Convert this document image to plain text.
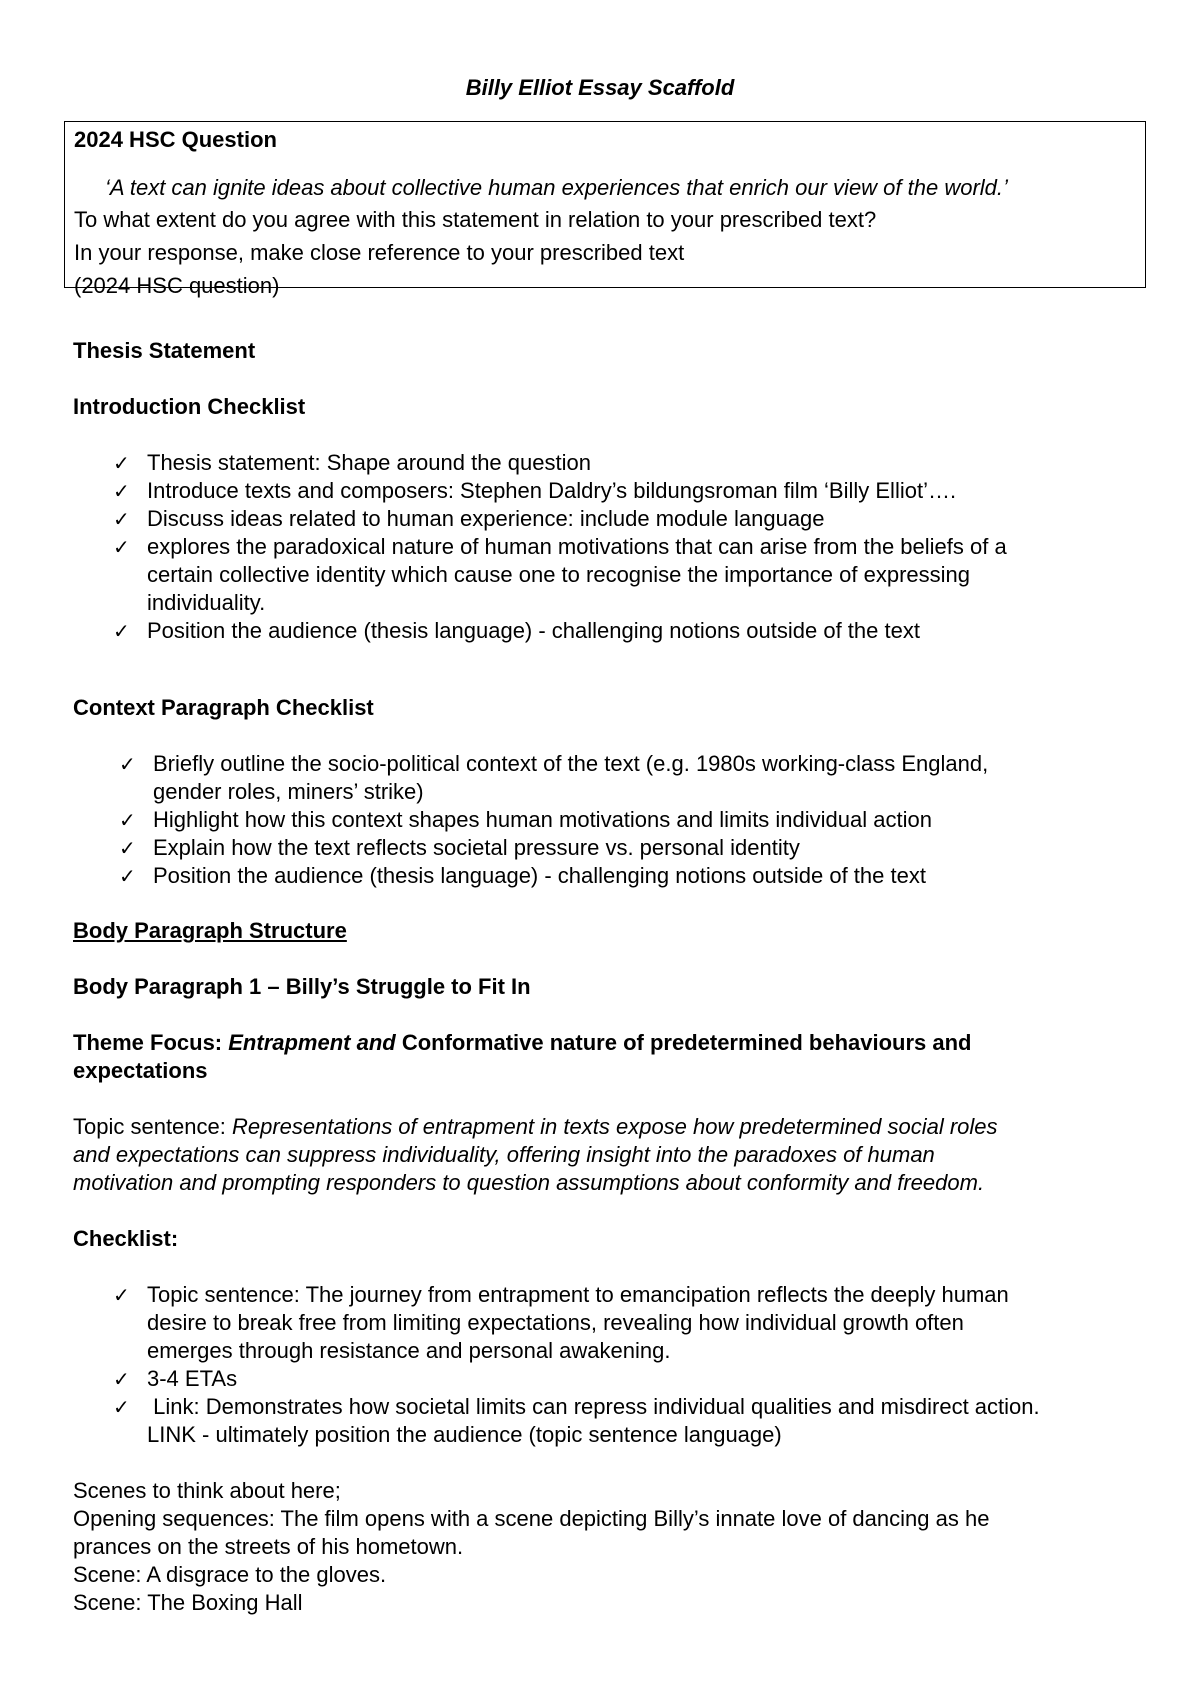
Billy Elliot Essay Scaffold
2024 HSC Question
‘A text can ignite ideas about collective human experiences that enrich our view of the world.’
To what extent do you agree with this statement in relation to your prescribed text?
In your response, make close reference to your prescribed text
(2024 HSC question)
Thesis Statement
Introduction Checklist
✓ Thesis statement: Shape around the question
✓ Introduce texts and composers: Stephen Daldry’s bildungsroman film ‘Billy Elliot’….
✓ Discuss ideas related to human experience: include module language
✓ explores the paradoxical nature of human motivations that can arise from the beliefs of a
certain collective identity which cause one to recognise the importance of expressing
individuality.
✓ Position the audience (thesis language) - challenging notions outside of the text
Context Paragraph Checklist
✓ Briefly outline the socio-political context of the text (e.g. 1980s working-class England,
gender roles, miners’ strike)
✓ Highlight how this context shapes human motivations and limits individual action
✓ Explain how the text reflects societal pressure vs. personal identity
✓ Position the audience (thesis language) - challenging notions outside of the text
Body Paragraph Structure
Body Paragraph 1 – Billy’s Struggle to Fit In
Theme Focus: Entrapment and Conformative nature of predetermined behaviours and
expectations
Topic sentence: Representations of entrapment in texts expose how predetermined social roles
and expectations can suppress individuality, offering insight into the paradoxes of human
motivation and prompting responders to question assumptions about conformity and freedom.
Checklist:
✓ Topic sentence: The journey from entrapment to emancipation reflects the deeply human
desire to break free from limiting expectations, revealing how individual growth often
emerges through resistance and personal awakening.
✓ 3-4 ETAs
✓ Link: Demonstrates how societal limits can repress individual qualities and misdirect action.
LINK - ultimately position the audience (topic sentence language)
Scenes to think about here;
Opening sequences: The film opens with a scene depicting Billy’s innate love of dancing as he
prances on the streets of his hometown.
Scene: A disgrace to the gloves.
Scene: The Boxing Hall
